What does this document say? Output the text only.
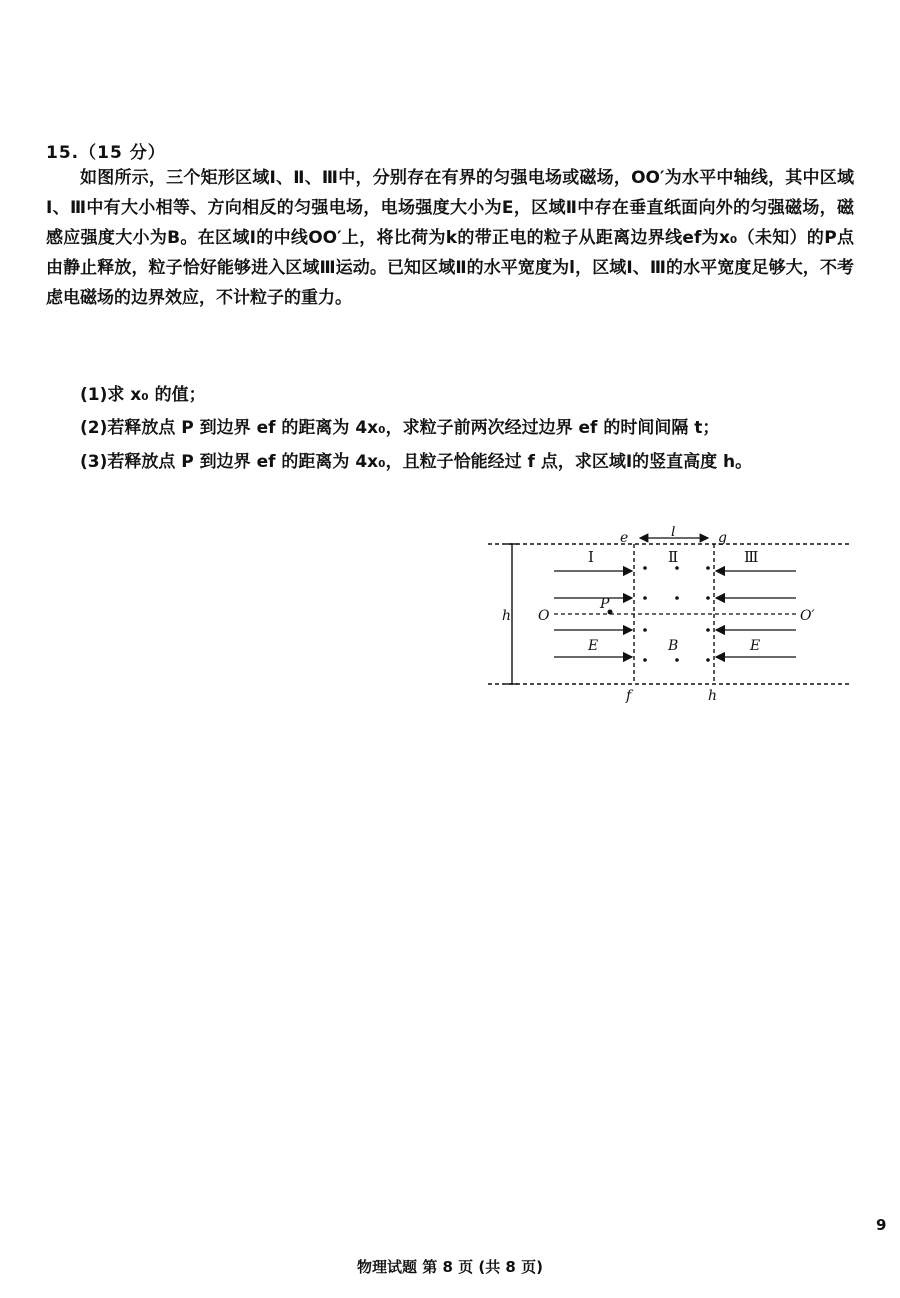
15.（15 分）
如图所示，三个矩形区域Ⅰ、Ⅱ、Ⅲ中，分别存在有界的匀强电场或磁场，OO′为水平中轴线，其中区域Ⅰ、Ⅲ中有大小相等、方向相反的匀强电场，电场强度大小为E，区域Ⅱ中存在垂直纸面向外的匀强磁场，磁感应强度大小为B。在区域Ⅰ的中线OO′上，将比荷为k的带正电的粒子从距离边界线ef为x₀（未知）的P点由静止释放，粒子恰好能够进入区域Ⅲ运动。已知区域Ⅱ的水平宽度为l，区域Ⅰ、Ⅲ的水平宽度足够大，不考虑电磁场的边界效应，不计粒子的重力。
(1)求 x₀ 的值；
(2)若释放点 P 到边界 ef 的距离为 4x₀，求粒子前两次经过边界 ef 的时间间隔 t；
(3)若释放点 P 到边界 ef 的距离为 4x₀，且粒子恰能经过 f 点，求区域Ⅰ的竖直高度 h。
e	g
l
f	h
h O	O′
P
E	E
B
Ⅰ	Ⅱ	Ⅲ
9
物理试题 第 8 页 (共 8 页)
